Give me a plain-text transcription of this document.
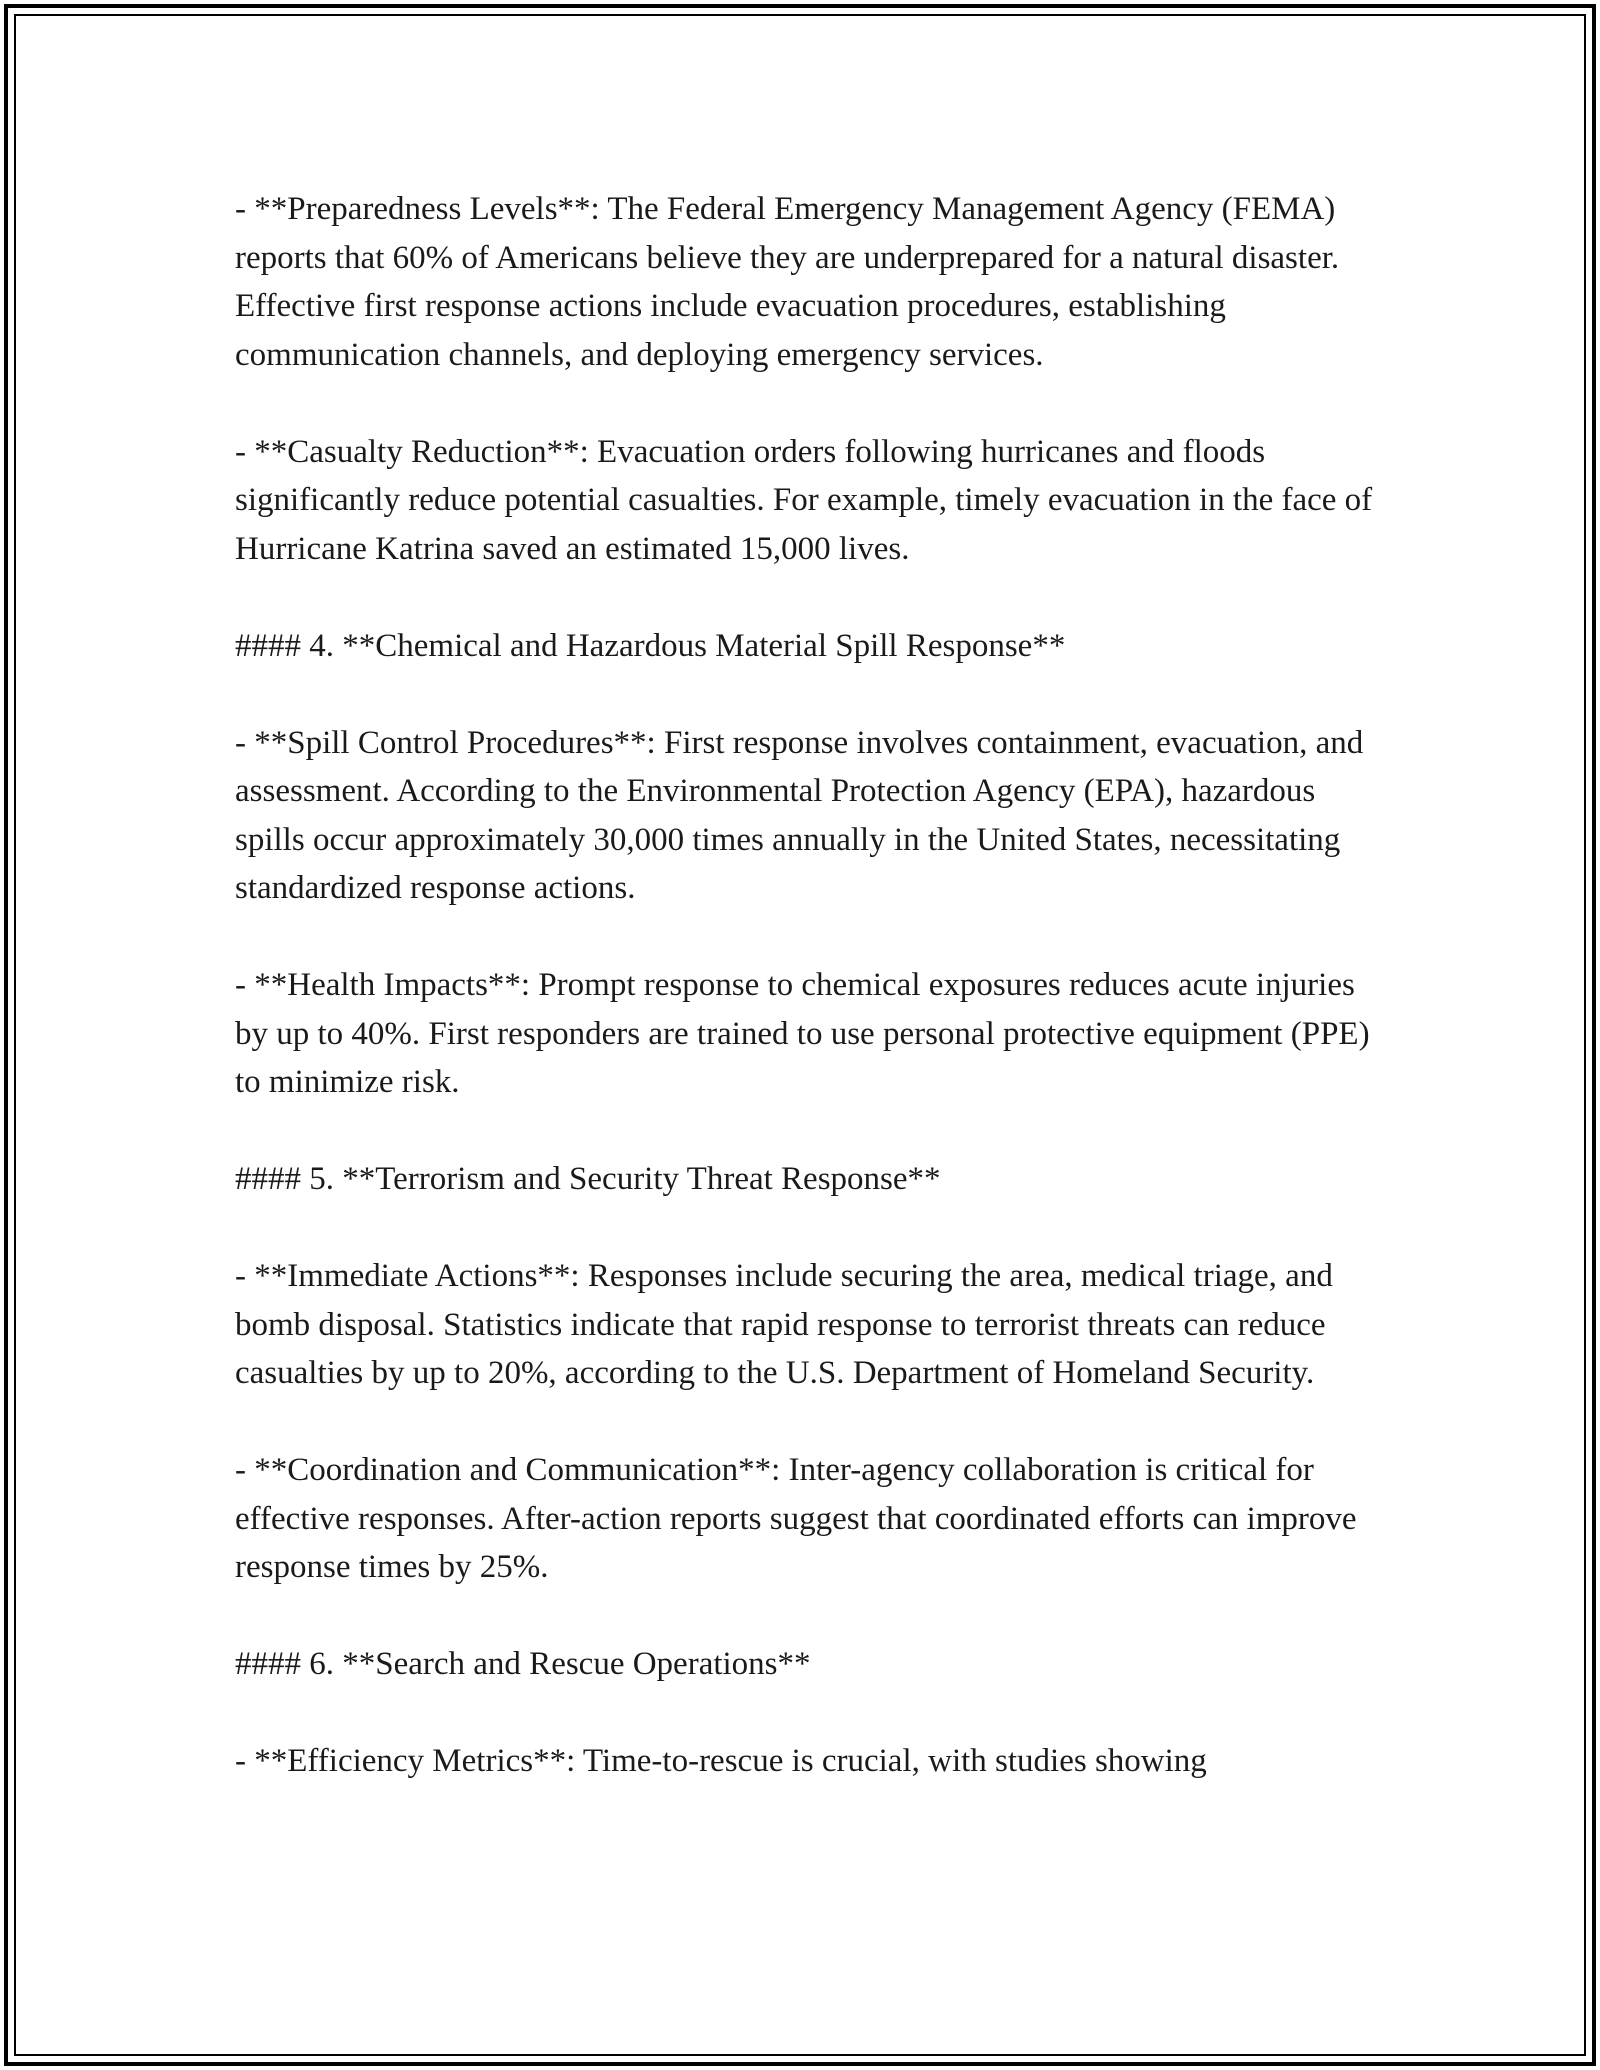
- **Preparedness Levels**: The Federal Emergency Management Agency (FEMA) reports that 60% of Americans believe they are underprepared for a natural disaster. Effective first response actions include evacuation procedures, establishing communication channels, and deploying emergency services.

- **Casualty Reduction**: Evacuation orders following hurricanes and floods significantly reduce potential casualties. For example, timely evacuation in the face of Hurricane Katrina saved an estimated 15,000 lives.

#### 4. **Chemical and Hazardous Material Spill Response**

- **Spill Control Procedures**: First response involves containment, evacuation, and assessment. According to the Environmental Protection Agency (EPA), hazardous spills occur approximately 30,000 times annually in the United States, necessitating standardized response actions.

- **Health Impacts**: Prompt response to chemical exposures reduces acute injuries by up to 40%. First responders are trained to use personal protective equipment (PPE) to minimize risk.

#### 5. **Terrorism and Security Threat Response**

- **Immediate Actions**: Responses include securing the area, medical triage, and bomb disposal. Statistics indicate that rapid response to terrorist threats can reduce casualties by up to 20%, according to the U.S. Department of Homeland Security.

- **Coordination and Communication**: Inter-agency collaboration is critical for effective responses. After-action reports suggest that coordinated efforts can improve response times by 25%.

#### 6. **Search and Rescue Operations**

- **Efficiency Metrics**: Time-to-rescue is crucial, with studies showing
